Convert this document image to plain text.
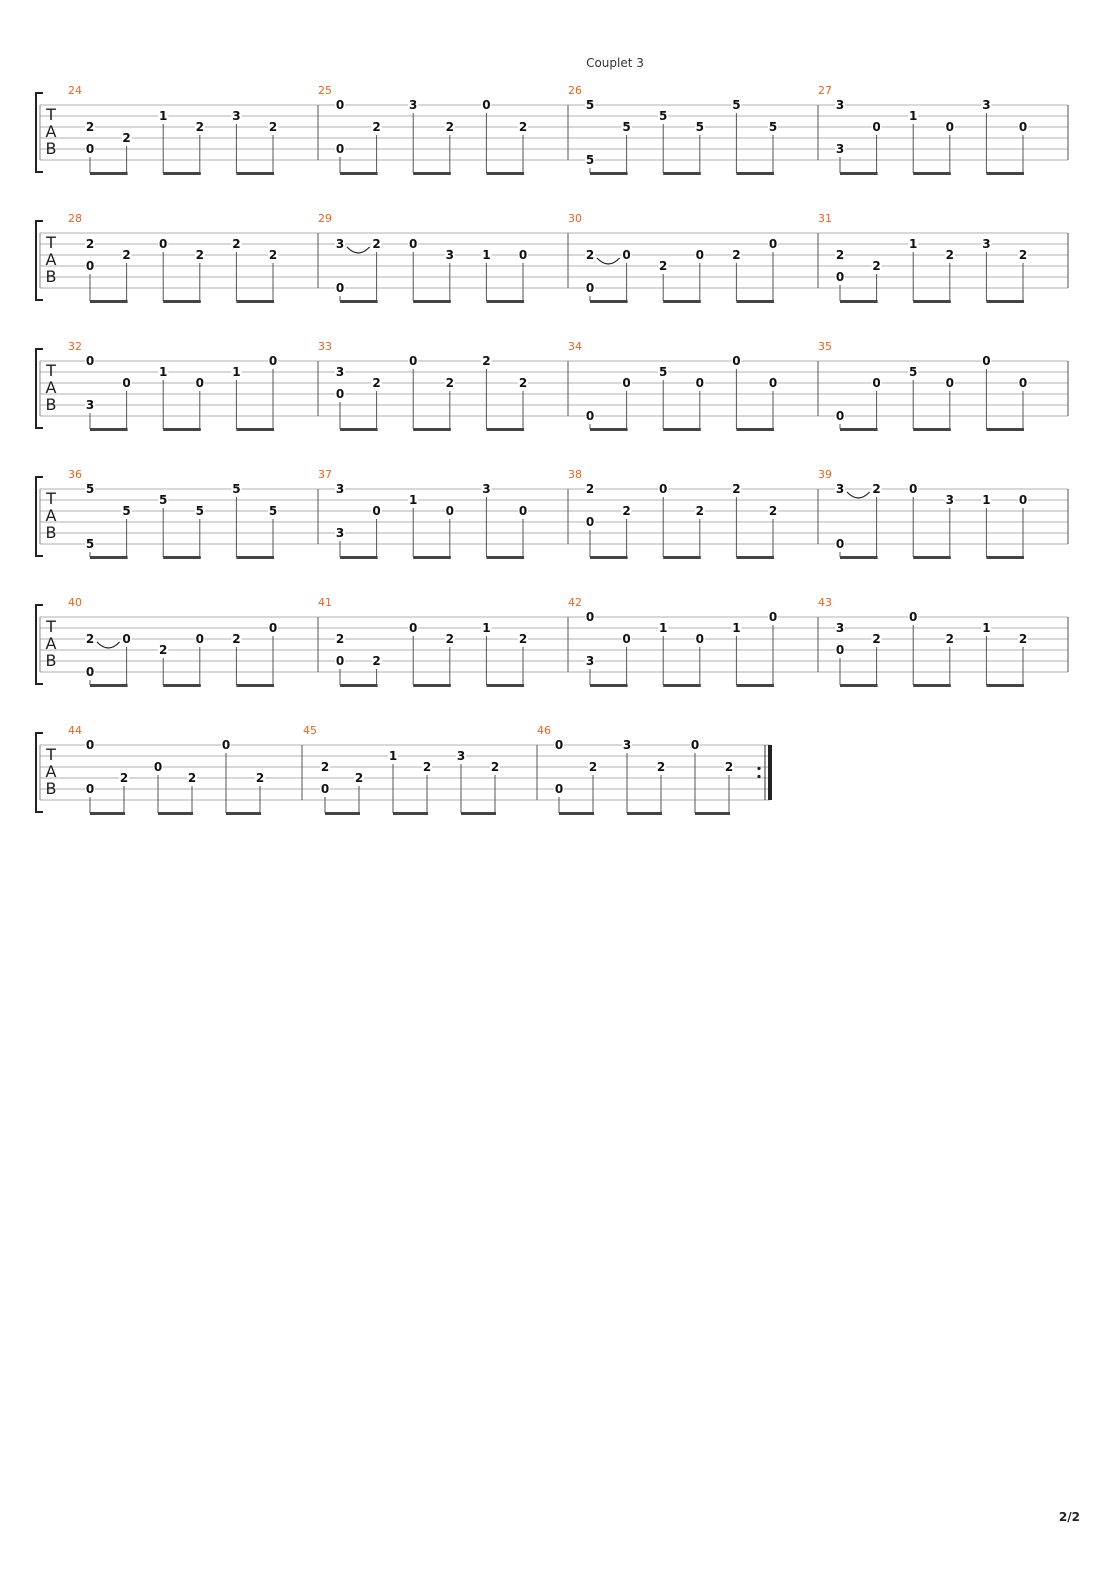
Couplet 3
T
A
B
24
2
0
2
1
2
3
2
25
0
0
2
3
2
0
2
26
5
5
5
5
5
5
5
27
3
3
0
1
0
3
0
T
A
B
28
2
0
2
0
2
2
2
29
3
0
2 0
3 1 0
30
2
0
0
2
0 2
0
31
2
0
2
1
2
3
2
T
A
B
32
0
3
0
1
0
1
0
33
3
0
2
0
2
2
2
34
0
0
5
0
0
0
35
0
0
5
0
0
0
T
A
B
36
5
5
5
5
5
5
5
37
3
3
0
1
0
3
0
38
2
0
2
0
2
2
2
39
3
0
2 0
3 1 0
T
A
B
40
2
0
0
2
0 2
0
41
2
0 2
0
2
1
2
42
0
3
0
1
0
1
0
43
3
0
2
0
2
1
2
T
A
B
44
0
0
2
0
2
0
2
45
2
0
2
1
2
3
2
46
0
0
2
3
2
0
2
2/2
